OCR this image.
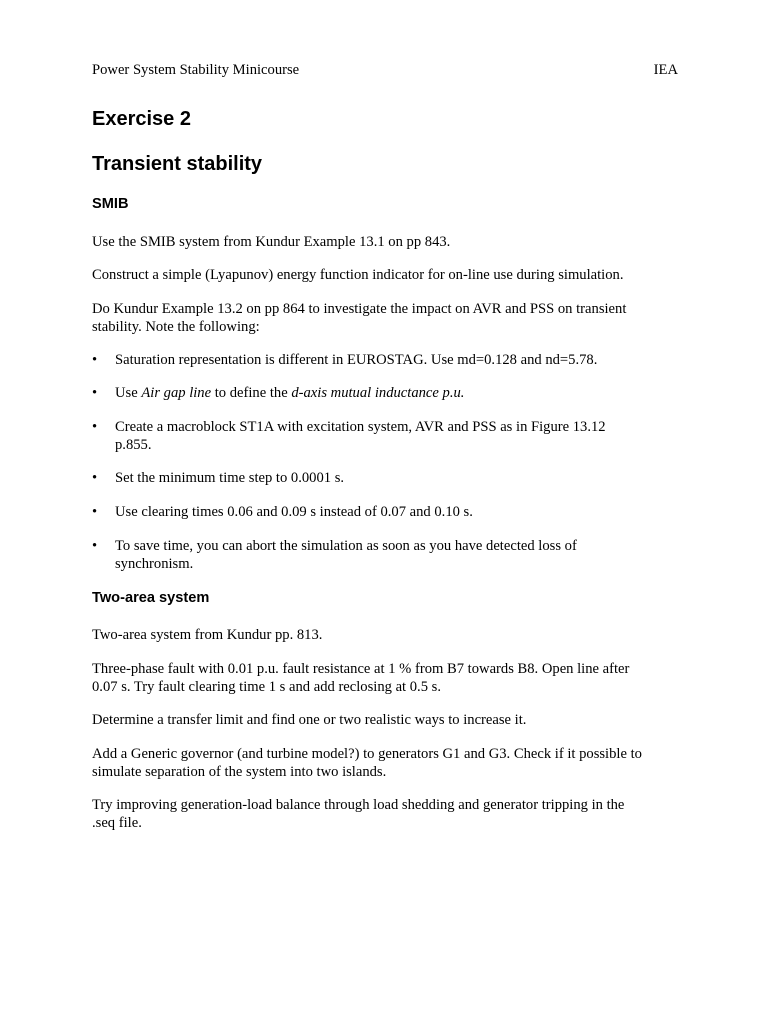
Power System Stability Minicourse	IEA
Exercise 2
Transient stability
SMIB

Use the SMIB system from Kundur Example 13.1 on pp 843.

Construct a simple (Lyapunov) energy function indicator for on-line use during simulation.

Do Kundur Example 13.2 on pp 864 to investigate the impact on AVR and PSS on transient stability. Note the following:

•	Saturation representation is different in EUROSTAG. Use md=0.128 and nd=5.78.
•	Use Air gap line to define the d-axis mutual inductance p.u.
•	Create a macroblock ST1A with excitation system, AVR and PSS as in Figure 13.12
p.855.
•	Set the minimum time step to 0.0001 s.
•	Use clearing times 0.06 and 0.09 s instead of 0.07 and 0.10 s.
•	To save time, you can abort the simulation as soon as you have detected loss of
synchronism.
Two-area system

Two-area system from Kundur pp. 813.

Three-phase fault with 0.01 p.u. fault resistance at 1 % from B7 towards B8. Open line after
0.07 s. Try fault clearing time 1 s and add reclosing at 0.5 s.

Determine a transfer limit and find one or two realistic ways to increase it.

Add a Generic governor (and turbine model?) to generators G1 and G3. Check if it possible to
simulate separation of the system into two islands.

Try improving generation-load balance through load shedding and generator tripping in the
.seq file.
